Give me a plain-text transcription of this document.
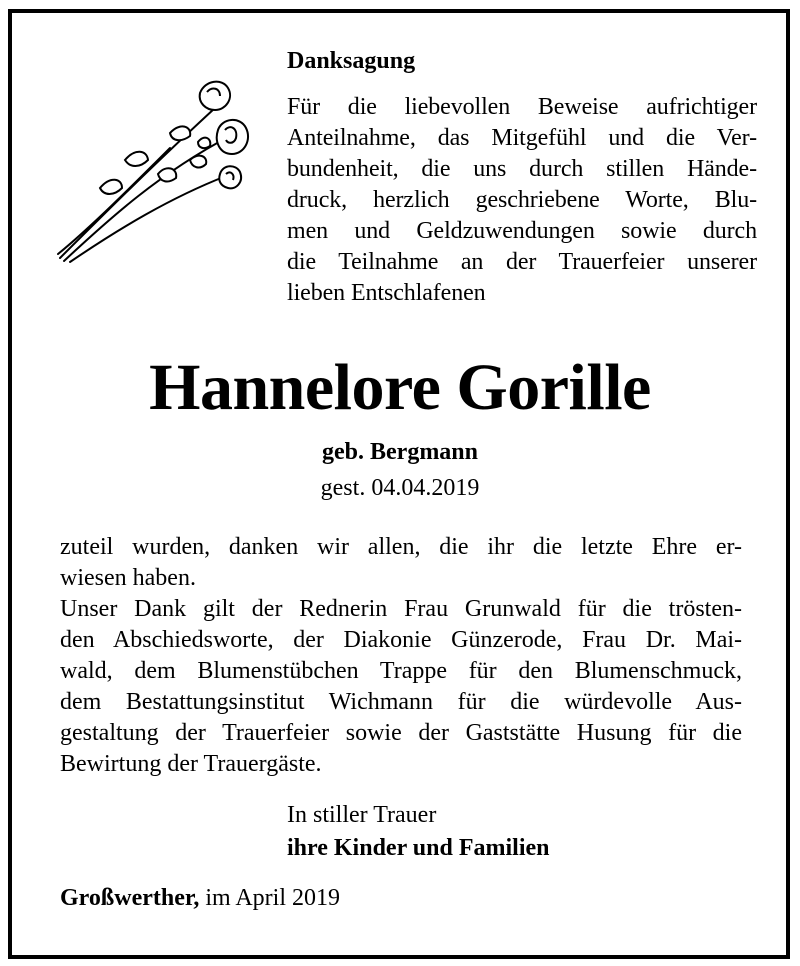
Danksagung
Für die liebevollen Beweise aufrichtiger
Anteilnahme, das Mitgefühl und die Ver-
bundenheit, die uns durch stillen Hände-
druck, herzlich geschriebene Worte, Blu-
men und Geldzuwendungen sowie durch
die Teilnahme an der Trauerfeier unserer
lieben Entschlafenen
Hannelore Gorille
geb. Bergmann
gest. 04.04.2019
zuteil wurden, danken wir allen, die ihr die letzte Ehre er-
wiesen haben.
Unser Dank gilt der Rednerin Frau Grunwald für die trösten-
den Abschiedsworte, der Diakonie Günzerode, Frau Dr. Mai-
wald, dem Blumenstübchen Trappe für den Blumenschmuck,
dem Bestattungsinstitut Wichmann für die würdevolle Aus-
gestaltung der Trauerfeier sowie der Gaststätte Husung für die
Bewirtung der Trauergäste.
In stiller Trauer
ihre Kinder und Familien
Großwerther, im April 2019
